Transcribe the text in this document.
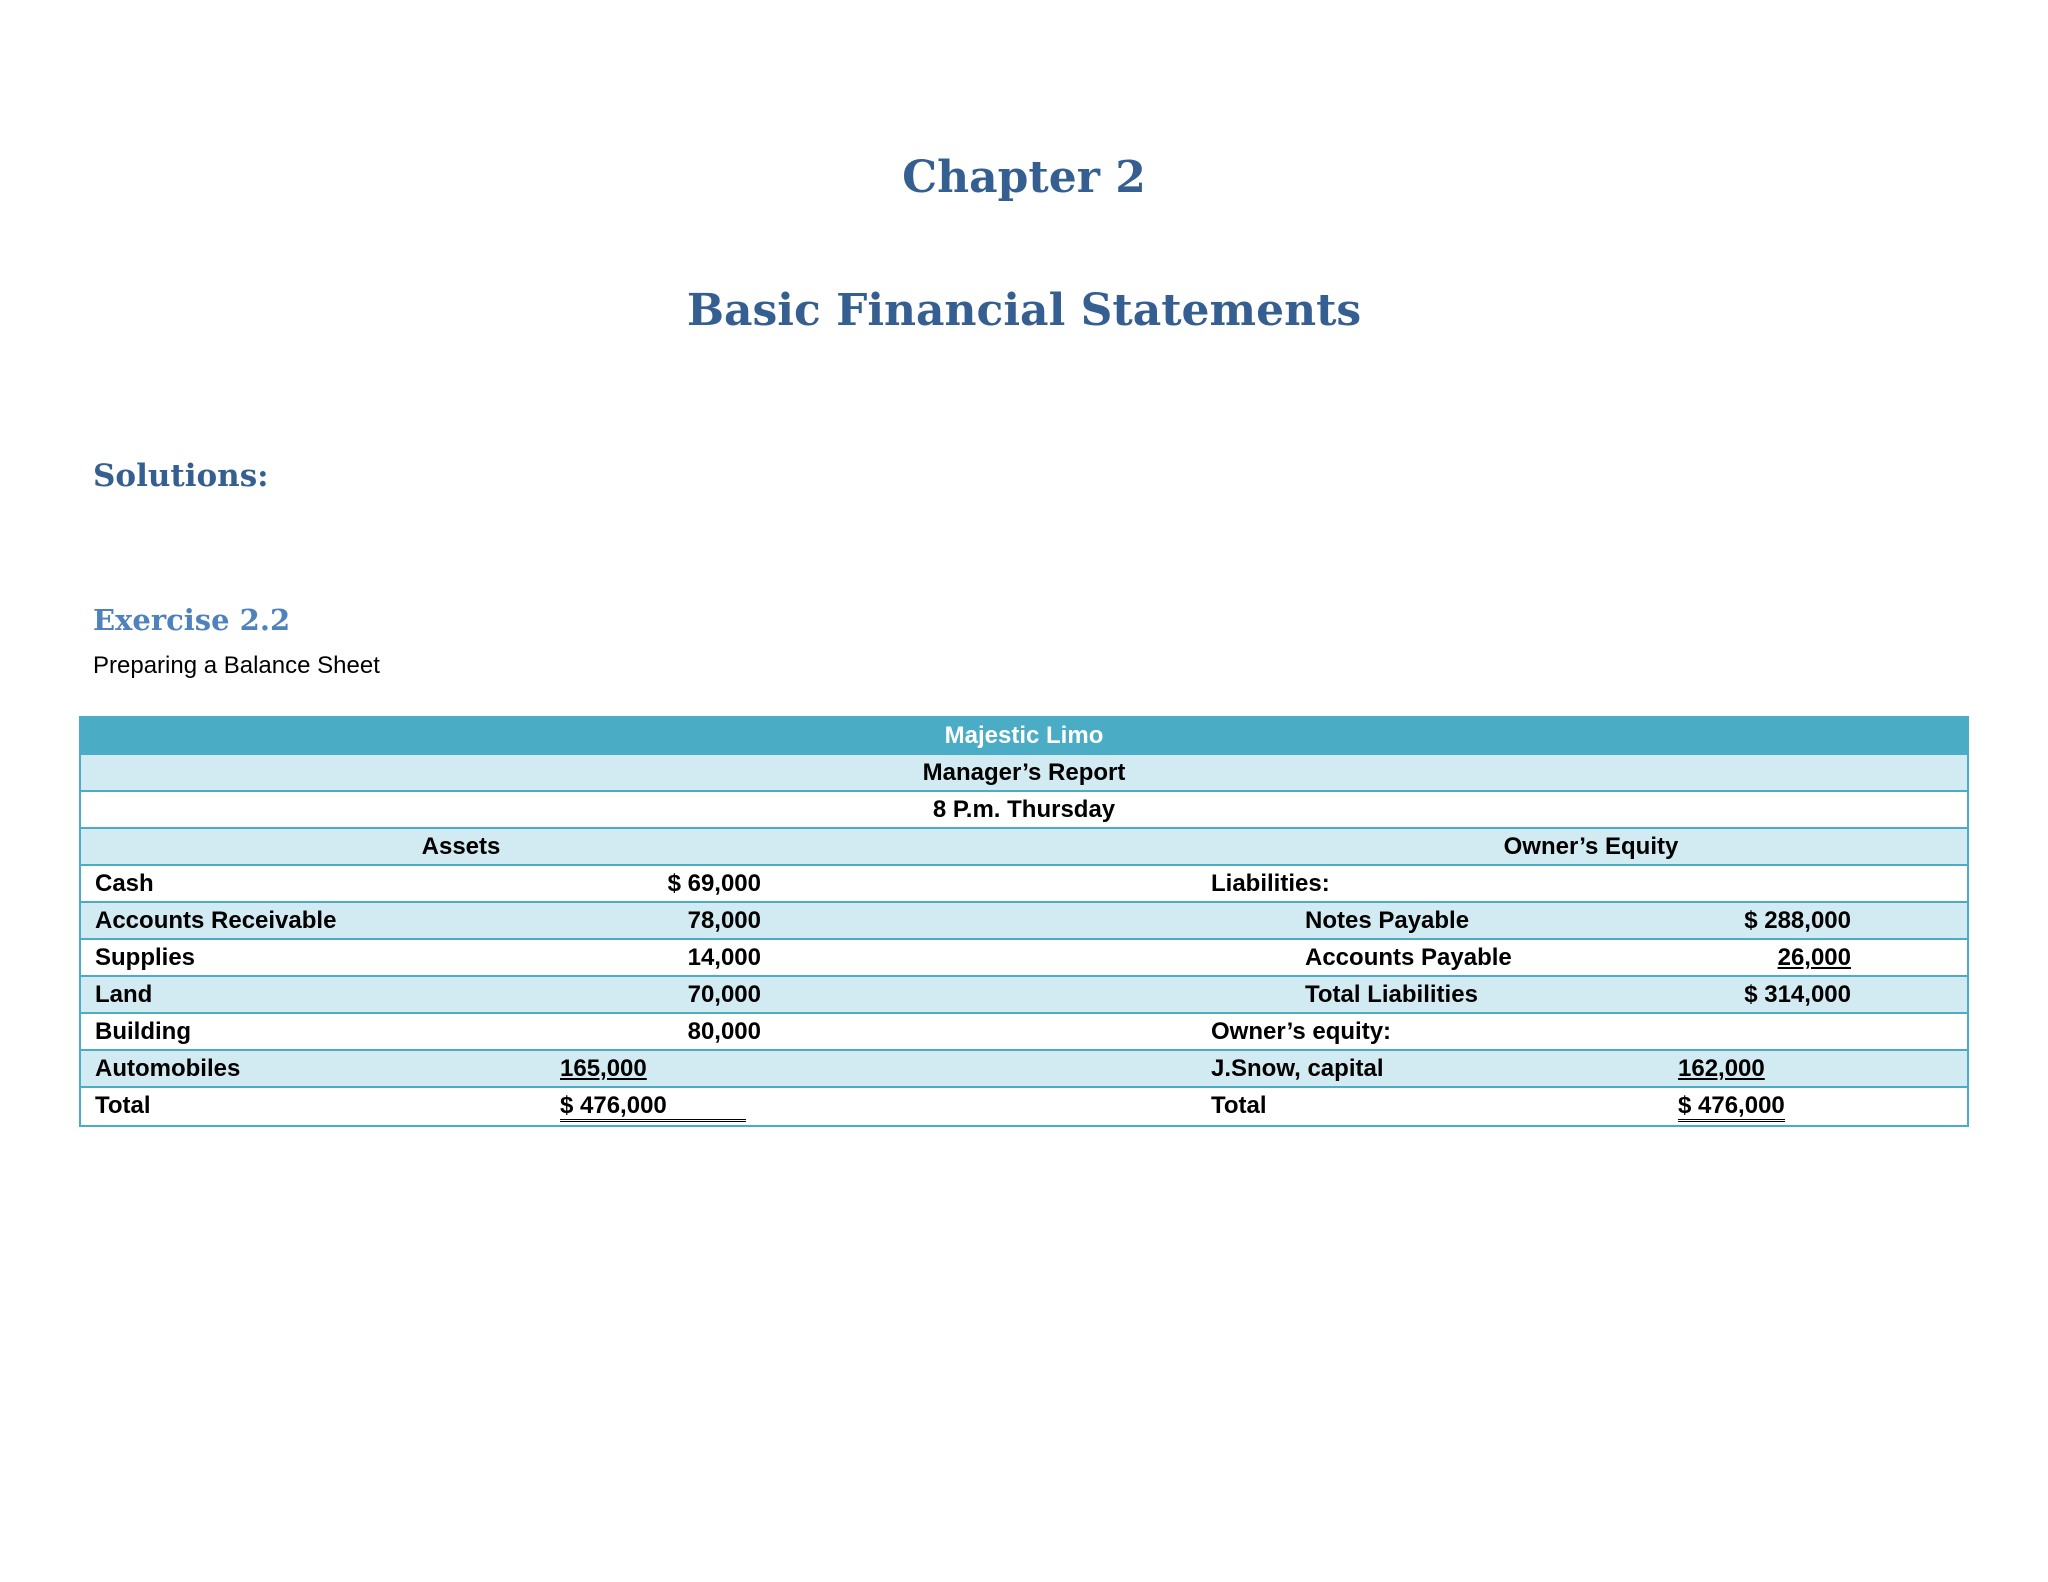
Chapter 2
Basic Financial Statements
Solutions:
Exercise 2.2
Preparing a Balance Sheet
Majestic Limo
Manager’s Report
8 P.m. Thursday
Assets	Owner’s Equity
Cash	$ 69,000	Liabilities:
Accounts Receivable	78,000	Notes Payable	$ 288,000
Supplies	14,000	Accounts Payable	26,000
Land	70,000	Total Liabilities	$ 314,000
Building	80,000	Owner’s equity:
Automobiles	165,000	J.Snow, capital	162,000
Total	$ 476,000	Total	$ 476,000
